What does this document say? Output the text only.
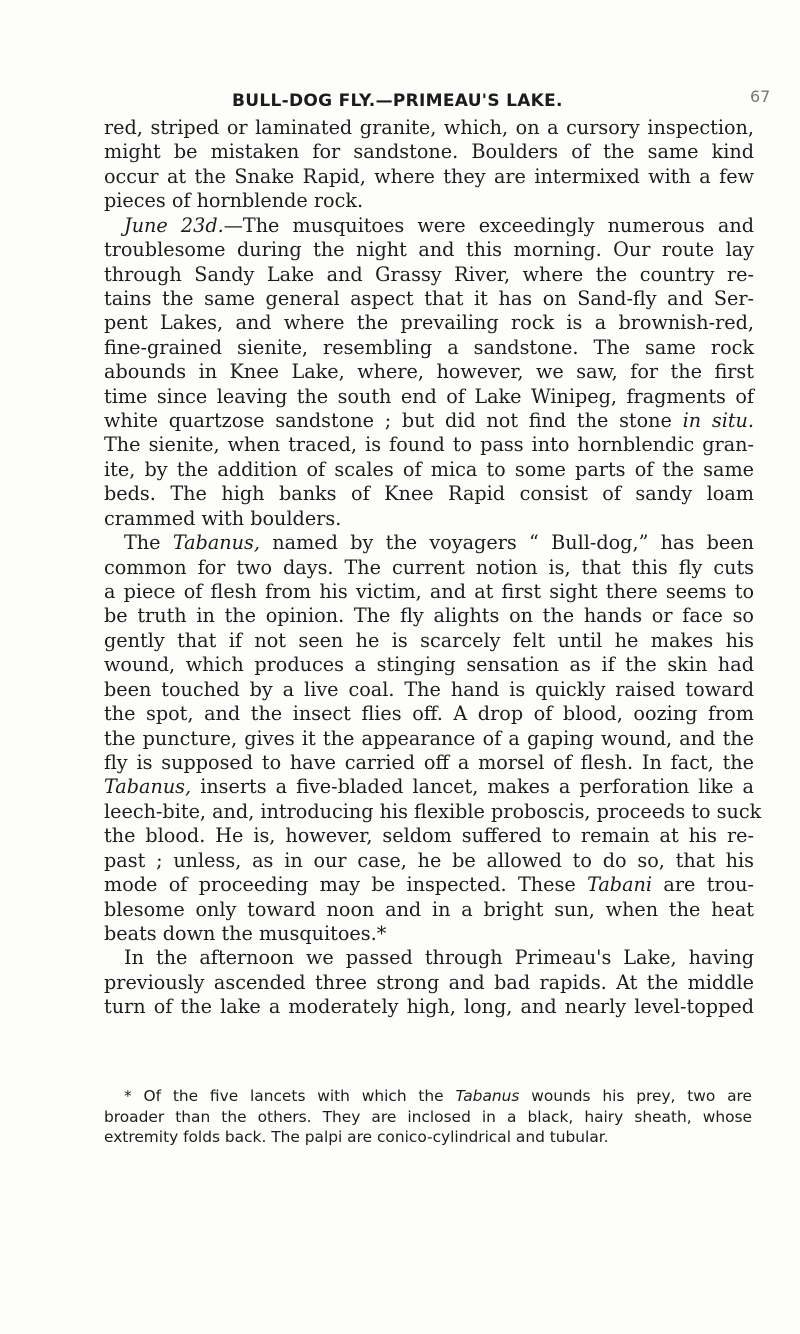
BULL-DOG FLY.—PRIMEAU'S LAKE.	67
red, striped or laminated granite, which, on a cursory inspection,
might be mistaken for sandstone. Boulders of the same kind
occur at the Snake Rapid, where they are intermixed with a few
pieces of hornblende rock.
June 23d.—The musquitoes were exceedingly numerous and
troublesome during the night and this morning. Our route lay
through Sandy Lake and Grassy River, where the country re-
tains the same general aspect that it has on Sand-fly and Ser-
pent Lakes, and where the prevailing rock is a brownish-red,
fine-grained sienite, resembling a sandstone. The same rock
abounds in Knee Lake, where, however, we saw, for the first
time since leaving the south end of Lake Winipeg, fragments of
white quartzose sandstone ; but did not find the stone in situ.
The sienite, when traced, is found to pass into hornblendic gran-
ite, by the addition of scales of mica to some parts of the same
beds. The high banks of Knee Rapid consist of sandy loam
crammed with boulders.
The Tabanus, named by the voyagers “ Bull-dog,” has been
common for two days. The current notion is, that this fly cuts
a piece of flesh from his victim, and at first sight there seems to
be truth in the opinion. The fly alights on the hands or face so
gently that if not seen he is scarcely felt until he makes his
wound, which produces a stinging sensation as if the skin had
been touched by a live coal. The hand is quickly raised toward
the spot, and the insect flies off. A drop of blood, oozing from
the puncture, gives it the appearance of a gaping wound, and the
fly is supposed to have carried off a morsel of flesh. In fact, the
Tabanus, inserts a five-bladed lancet, makes a perforation like a
leech-bite, and, introducing his flexible proboscis, proceeds to suck
the blood. He is, however, seldom suffered to remain at his re-
past ; unless, as in our case, he be allowed to do so, that his
mode of proceeding may be inspected. These Tabani are trou-
blesome only toward noon and in a bright sun, when the heat
beats down the musquitoes.*
In the afternoon we passed through Primeau's Lake, having
previously ascended three strong and bad rapids. At the middle
turn of the lake a moderately high, long, and nearly level-topped
* Of the five lancets with which the Tabanus wounds his prey, two are
broader than the others. They are inclosed in a black, hairy sheath, whose
extremity folds back. The palpi are conico-cylindrical and tubular.
